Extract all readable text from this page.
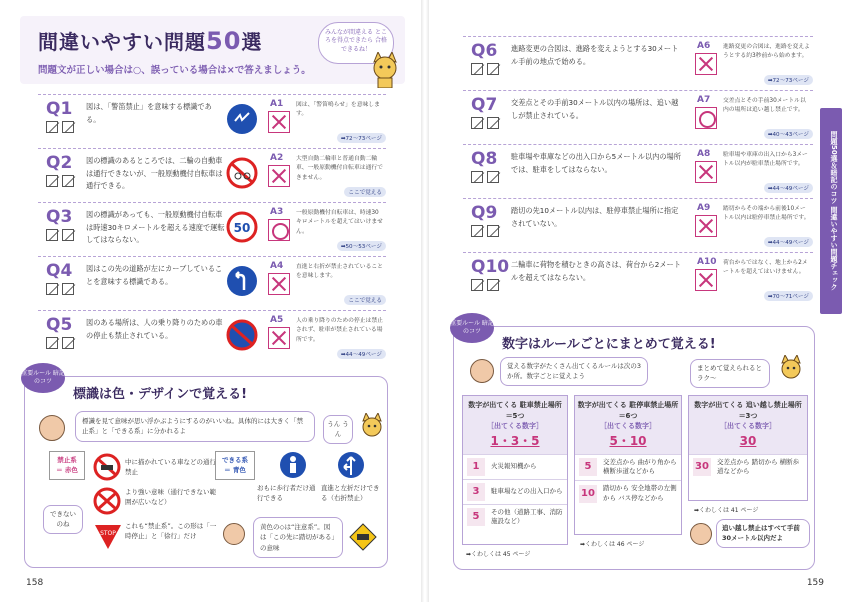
間違いやすい問題50選
問題文が正しい場合は○、誤っている場合は×で答えましょう。
みんなが間違える ところを得点できたら 合格できるね！
Q1 図は、「警笛禁止」を意味する標識である。
A1 図は、「警笛鳴らせ」を意味します。
➡72〜73ページ
Q2 図の標識のあるところでは、二輪の自動車は通行できないが、一般原動機付自転車は通行できる。
A2 大型自動二輪車と普通自動二輪車、一般原動機付自転車は通行できません。
ここで覚える
Q3 図の標識があっても、一般原動機付自転車は時速30キロメートルを超える速度で運転してはならない。
50
A3 一般原動機付自転車は、時速30キロメートルを超えてはいけません。
➡50〜53ページ
Q4 図はこの先の道路が左にカーブしていることを意味する標識である。
A4 直進と右折が禁止されていることを意味します。
ここで覚える
Q5 図のある場所は、人の乗り降りのための車の停止も禁止されている。
A5 人の乗り降りのための停止は禁止されず、駐車が禁止されている場所です。
➡44〜49ページ
重要ルール 暗記のコツ
標識は色・デザインで覚える!
標識を見て意味が思い浮かぶようにするのがいいね。具体的には大きく「禁止系」と「できる系」に分かれるよ
うん うん
禁止系 ＝ 赤色
中に描かれている車などの通行禁止
より強い意味（通行できない範囲が広いなど）
STOP
これも“禁止系”。この形は「一時停止」と「徐行」だけ
できない のね
できる系 ＝ 青色
おもに歩行者だけ通行できる
直進と左折だけできる（右折禁止）
黄色の◇は“注意系”。図は「この先に踏切がある」の意味
158
Q6 進路変更の合図は、進路を変えようとする30メートル手前の地点で始める。
A6 進路変更の合図は、進路を変えようとする約3秒前から始めます。
➡72〜73ページ
Q7 交差点とその手前30メートル以内の場所は、追い越しが禁止されている。
A7 交差点とその手前30メートル以内の場所は追い越し禁止です。
➡40〜43ページ
Q8 駐車場や車庫などの出入口から5メートル以内の場所では、駐車をしてはならない。
A8 駐車場や車庫の出入口から3メートル以内が駐車禁止場所です。
➡44〜49ページ
Q9 踏切の先10メートル以内は、駐停車禁止場所に指定されていない。
A9 踏切からその端から前後10メートル以内は駐停車禁止場所です。
➡44〜49ページ
Q10 二輪車に荷物を積むときの高さは、荷台から2メートルを超えてはならない。
A10 荷台からではなく、地上から2メートルを超えてはいけません。
➡70〜71ページ
重要ルール 暗記のコツ
数字はルールごとにまとめて覚える!
覚える数字がたくさん出てくるルールは次の3か所。数字ごとに覚えよう
まとめて覚えられるとラク〜
数字が出てくる 駐車禁止場所＝5つ
［出てくる数字］
1・3・5
1	火災報知機から
3	駐車場などの出入口から
5	その他（道路工事、消防施設など）
➡くわしくは 45 ページ
数字が出てくる 駐停車禁止場所＝6つ
［出てくる数字］
5・10
5	交差点から 曲がり角から 横断歩道などから
10	踏切から 安全地帯の左側から バス停などから
➡くわしくは 46 ページ
数字が出てくる 追い越し禁止場所＝3つ
［出てくる数字］
30
30	交差点から 踏切から 横断歩道などから
➡くわしくは 41 ページ
追い越し禁止はすべて手前30メートル以内だよ
159
問題50選＆暗記のコツ 間違いやすい問題チェック
